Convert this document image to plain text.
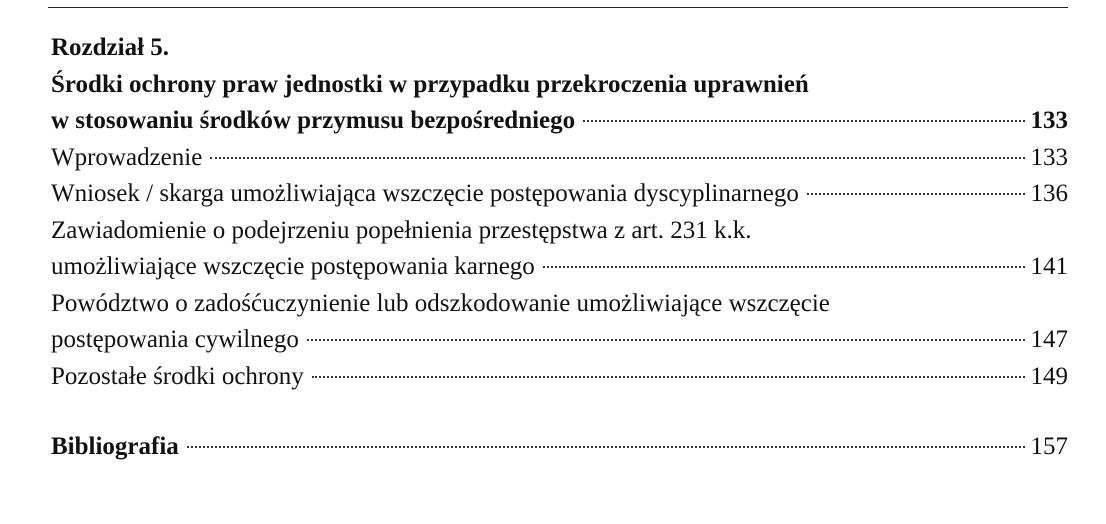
Rozdział 5.
Środki ochrony praw jednostki w przypadku przekroczenia uprawnień
w stosowaniu środków przymusu bezpośredniego	133
Wprowadzenie	133
Wniosek / skarga umożliwiająca wszczęcie postępowania dyscyplinarnego	136
Zawiadomienie o podejrzeniu popełnienia przestępstwa z art. 231 k.k.
umożliwiające wszczęcie postępowania karnego	141
Powództwo o zadośćuczynienie lub odszkodowanie umożliwiające wszczęcie
postępowania cywilnego	147
Pozostałe środki ochrony	149
Bibliografia	157
